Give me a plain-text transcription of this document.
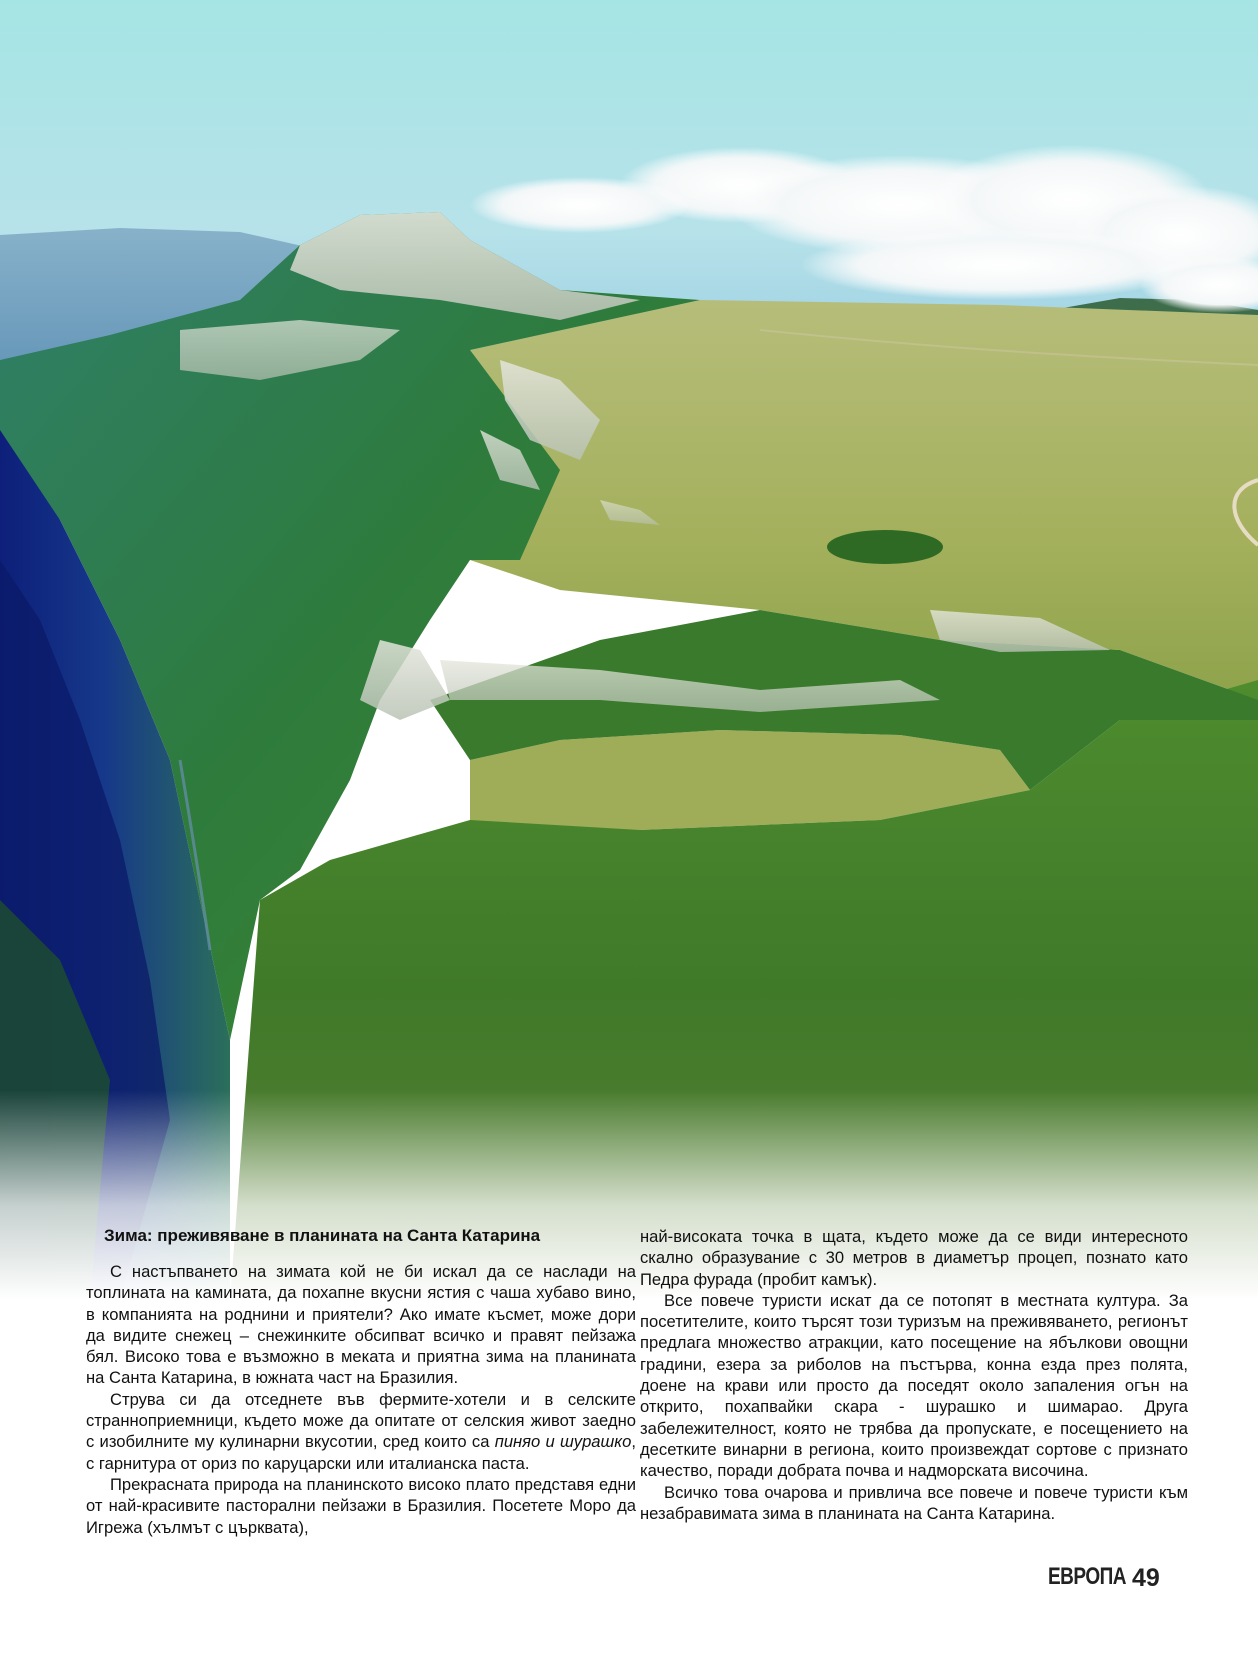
Зима: преживяване в планината на Санта Катарина

С настъпването на зимата кой не би искал да се наслади на топлината на камината, да похапне вкусни ястия с чаша хубаво вино, в компанията на роднини и приятели? Ако имате късмет, може дори да видите снежец – снежинките обсипват всичко и правят пейзажа бял. Високо това е възможно в меката и приятна зима на планината на Санта Катарина, в южната част на Бразилия.

Струва си да отседнете във фермите-хотели и в селските странноприемници, където може да опитате от селския живот заедно с изобилните му кулинарни вкусотии, сред които са пиняо и шурашко, с гарнитура от ориз по каруцарски или италианска паста.

Прекрасната природа на планинското високо плато представя едни от най-красивите пасторални пейзажи в Бразилия. Посетете Моро да Игрежа (хълмът с църквата),

най-високата точка в щата, където може да се види интересното скално образувание с 30 метров в диаметър процеп, познато като Педра фурада (пробит камък).

Все повече туристи искат да се потопят в местната култура. За посетителите, които търсят този туризъм на преживяването, регионът предлага множество атракции, като посещение на ябълкови овощни градини, езера за риболов на пъстърва, конна езда през полята, доене на крави или просто да поседят около запаления огън на открито, похапвайки скара - шурашко и шимарао. Друга забележителност, която не трябва да пропускате, е посещението на десетките винарни в региона, които произвеждат сортове с признато качество, поради добрата почва и надморската височина.

Всичко това очарова и привлича все повече и повече туристи към незабравимата зима в планината на Санта Катарина.

ЕВРОПА 49
